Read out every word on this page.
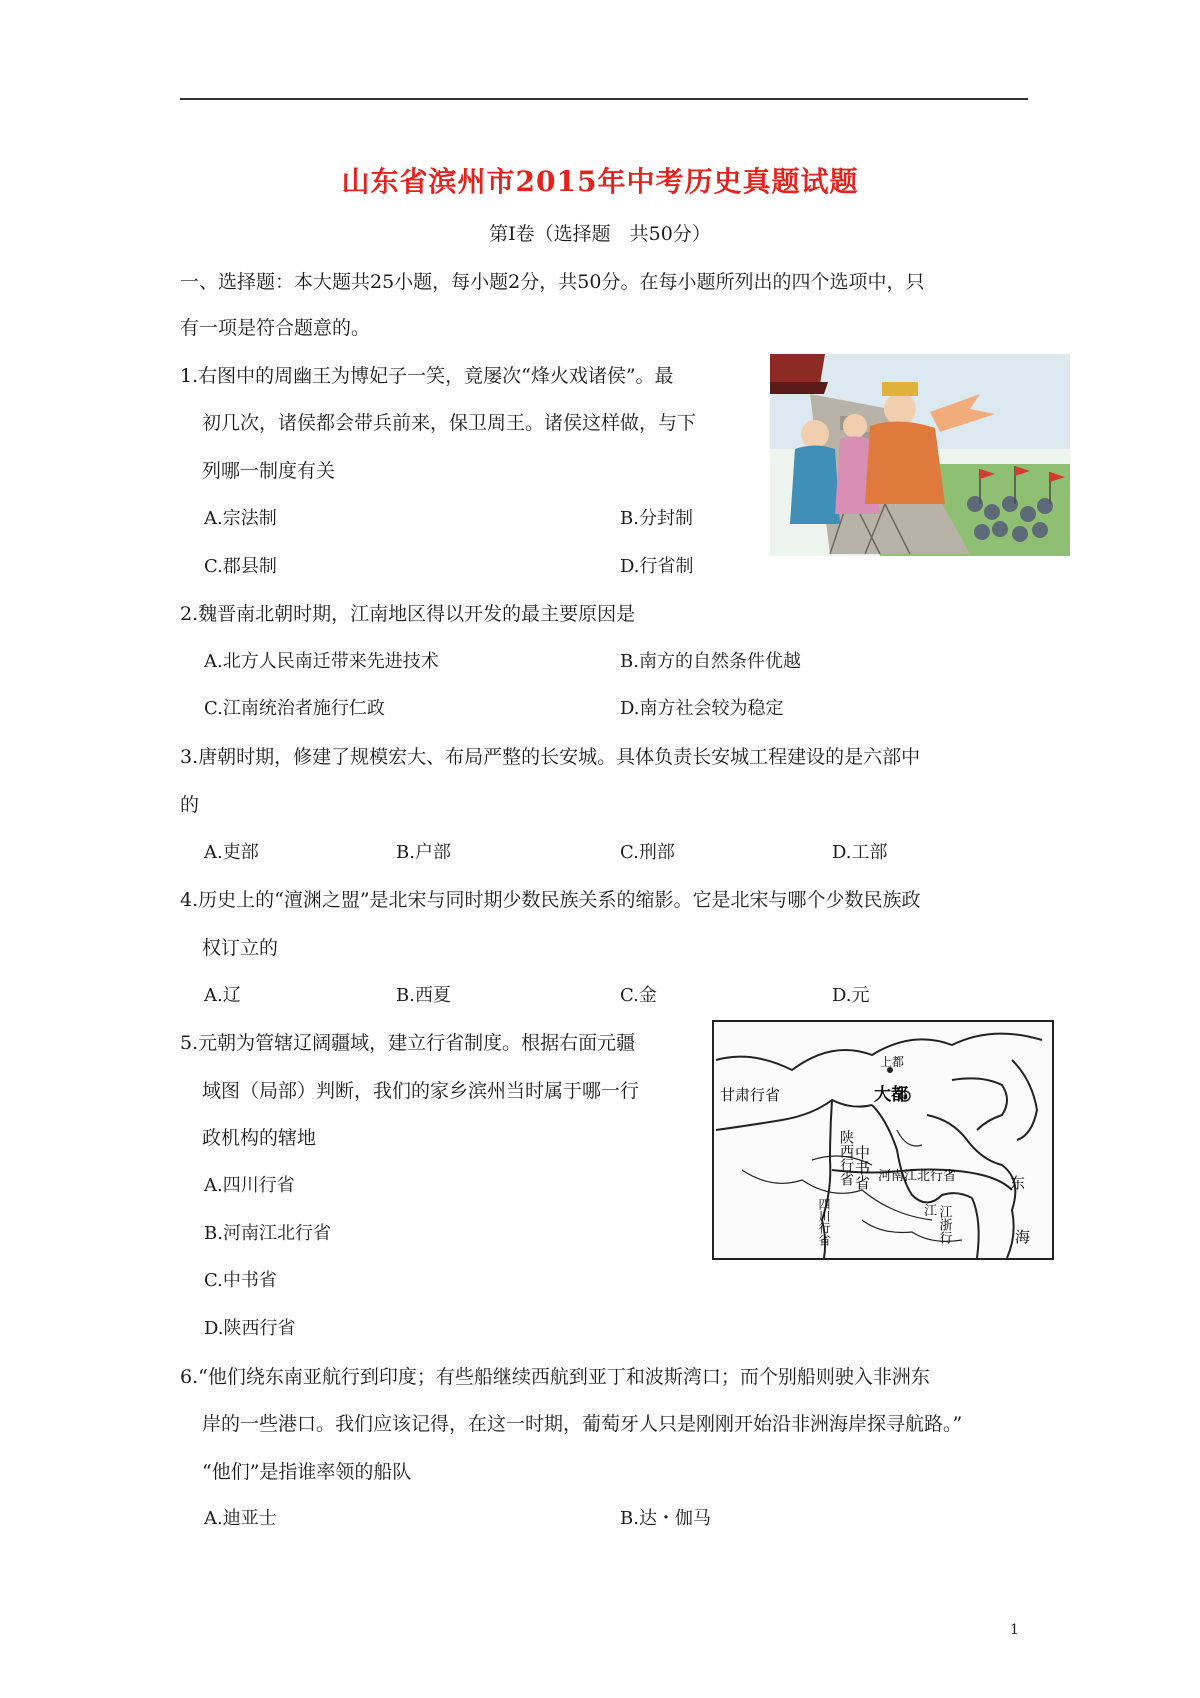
山东省滨州市2015年中考历史真题试题
第Ⅰ卷（选择题　共50分）
一、选择题：本大题共25小题，每小题2分，共50分。在每小题所列出的四个选项中，只
有一项是符合题意的。
1.右图中的周幽王为博妃子一笑，竟屡次“烽火戏诸侯”。最
初几次，诸侯都会带兵前来，保卫周王。诸侯这样做，与下
列哪一制度有关
A.宗法制	B.分封制
C.郡县制	D.行省制
2.魏晋南北朝时期，江南地区得以开发的最主要原因是
A.北方人民南迁带来先进技术	B.南方的自然条件优越
C.江南统治者施行仁政	D.南方社会较为稳定
3.唐朝时期，修建了规模宏大、布局严整的长安城。具体负责长安城工程建设的是六部中
的
A.吏部	B.户部	C.刑部	D.工部
4.历史上的“澶渊之盟”是北宋与同时期少数民族关系的缩影。它是北宋与哪个少数民族政
权订立的
A.辽	B.西夏	C.金	D.元
5.元朝为管辖辽阔疆域，建立行省制度。根据右面元疆
域图（局部）判断，我们的家乡滨州当时属于哪一行
政机构的辖地
A.四川行省
B.河南江北行省
C.中书省
D.陕西行省
上都
大都
甘肃行省
中书省
陕西行省 河南江北行省
四川行省	江浙行
江
东
海
6.“他们绕东南亚航行到印度；有些船继续西航到亚丁和波斯湾口；而个别船则驶入非洲东
岸的一些港口。我们应该记得，在这一时期，葡萄牙人只是刚刚开始沿非洲海岸探寻航路。”
“他们”是指谁率领的船队
A.迪亚士	B.达・伽马
1
